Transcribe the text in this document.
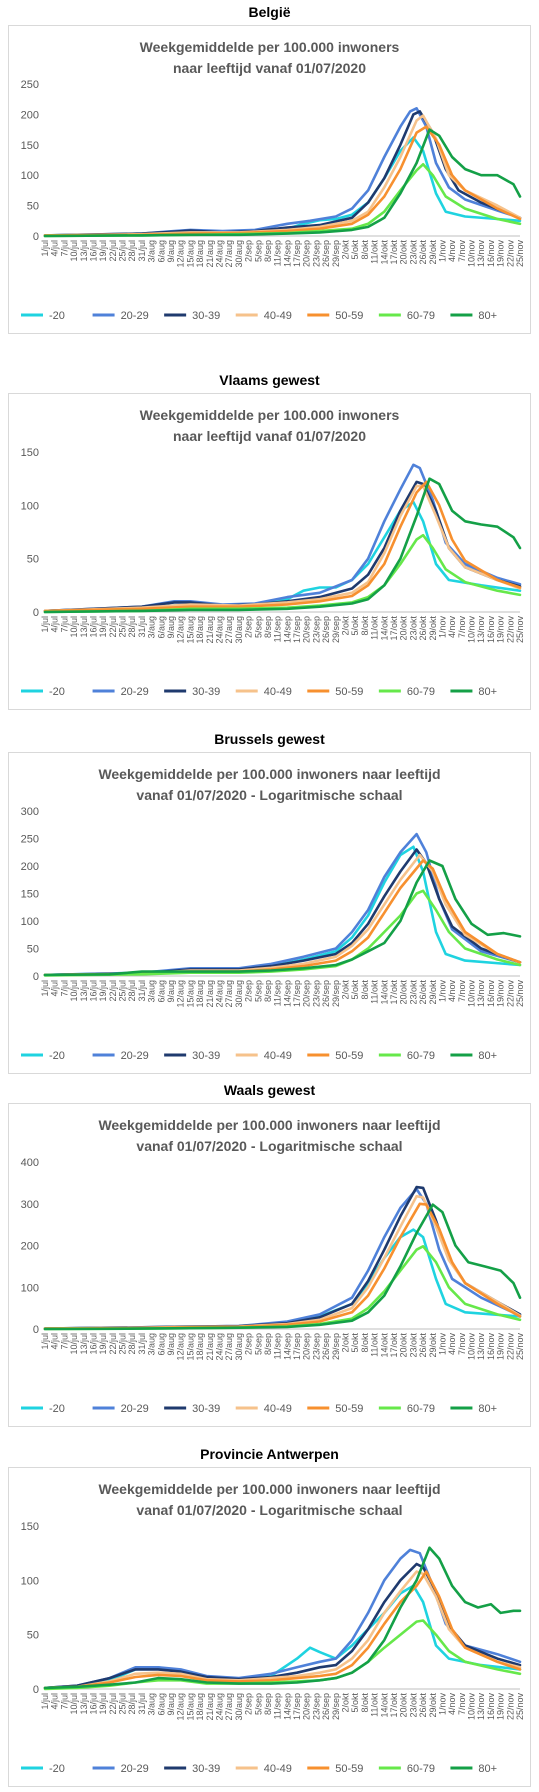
België
Weekgemiddelde per 100.000 inwoners
naar leeftijd vanaf 01/07/2020
0
50
100
150
200
250
1/jul 4/jul 7/jul 10/jul 13/jul 16/jul 19/jul 22/jul 25/jul 28/jul 31/jul 3/aug 6/aug 9/aug 12/aug 15/aug 18/aug 21/aug 24/aug 27/aug 30/aug 2/sep 5/sep 8/sep 11/sep 14/sep 17/sep 20/sep 23/sep 26/sep 29/sep 2/okt 5/okt 8/okt 11/okt 14/okt 17/okt 20/okt 23/okt 26/okt 29/okt 1/nov 4/nov 7/nov 10/nov 13/nov 16/nov 19/nov 22/nov 25/nov
-20	20-29	30-39	40-49	50-59	60-79	80+
Vlaams gewest
Weekgemiddelde per 100.000 inwoners
naar leeftijd vanaf 01/07/2020
0
50
100
150
1/jul 4/jul 7/jul 10/jul 13/jul 16/jul 19/jul 22/jul 25/jul 28/jul 31/jul 3/aug 6/aug 9/aug 12/aug 15/aug 18/aug 21/aug 24/aug 27/aug 30/aug 2/sep 5/sep 8/sep 11/sep 14/sep 17/sep 20/sep 23/sep 26/sep 29/sep 2/okt 5/okt 8/okt 11/okt 14/okt 17/okt 20/okt 23/okt 26/okt 29/okt 1/nov 4/nov 7/nov 10/nov 13/nov 16/nov 19/nov 22/nov 25/nov
-20	20-29	30-39	40-49	50-59	60-79	80+
Brussels gewest
Weekgemiddelde per 100.000 inwoners naar leeftijd
vanaf 01/07/2020 - Logaritmische schaal
0
50
100
150
200
250
300
1/jul 4/jul 7/jul 10/jul 13/jul 16/jul 19/jul 22/jul 25/jul 28/jul 31/jul 3/aug 6/aug 9/aug 12/aug 15/aug 18/aug 21/aug 24/aug 27/aug 30/aug 2/sep 5/sep 8/sep 11/sep 14/sep 17/sep 20/sep 23/sep 26/sep 29/sep 2/okt 5/okt 8/okt 11/okt 14/okt 17/okt 20/okt 23/okt 26/okt 29/okt 1/nov 4/nov 7/nov 10/nov 13/nov 16/nov 19/nov 22/nov 25/nov
-20	20-29	30-39	40-49	50-59	60-79	80+
Waals gewest
Weekgemiddelde per 100.000 inwoners naar leeftijd
vanaf 01/07/2020 - Logaritmische schaal
0
100
200
300
400
1/jul 4/jul 7/jul 10/jul 13/jul 16/jul 19/jul 22/jul 25/jul 28/jul 31/jul 3/aug 6/aug 9/aug 12/aug 15/aug 18/aug 21/aug 24/aug 27/aug 30/aug 2/sep 5/sep 8/sep 11/sep 14/sep 17/sep 20/sep 23/sep 26/sep 29/sep 2/okt 5/okt 8/okt 11/okt 14/okt 17/okt 20/okt 23/okt 26/okt 29/okt 1/nov 4/nov 7/nov 10/nov 13/nov 16/nov 19/nov 22/nov 25/nov
-20	20-29	30-39	40-49	50-59	60-79	80+
Provincie Antwerpen
Weekgemiddelde per 100.000 inwoners naar leeftijd
vanaf 01/07/2020 - Logaritmische schaal
0
50
100
150
1/jul 4/jul 7/jul 10/jul 13/jul 16/jul 19/jul 22/jul 25/jul 28/jul 31/jul 3/aug 6/aug 9/aug 12/aug 15/aug 18/aug 21/aug 24/aug 27/aug 30/aug 2/sep 5/sep 8/sep 11/sep 14/sep 17/sep 20/sep 23/sep 26/sep 29/sep 2/okt 5/okt 8/okt 11/okt 14/okt 17/okt 20/okt 23/okt 26/okt 29/okt 1/nov 4/nov 7/nov 10/nov 13/nov 16/nov 19/nov 22/nov 25/nov
-20	20-29	30-39	40-49	50-59	60-79	80+
